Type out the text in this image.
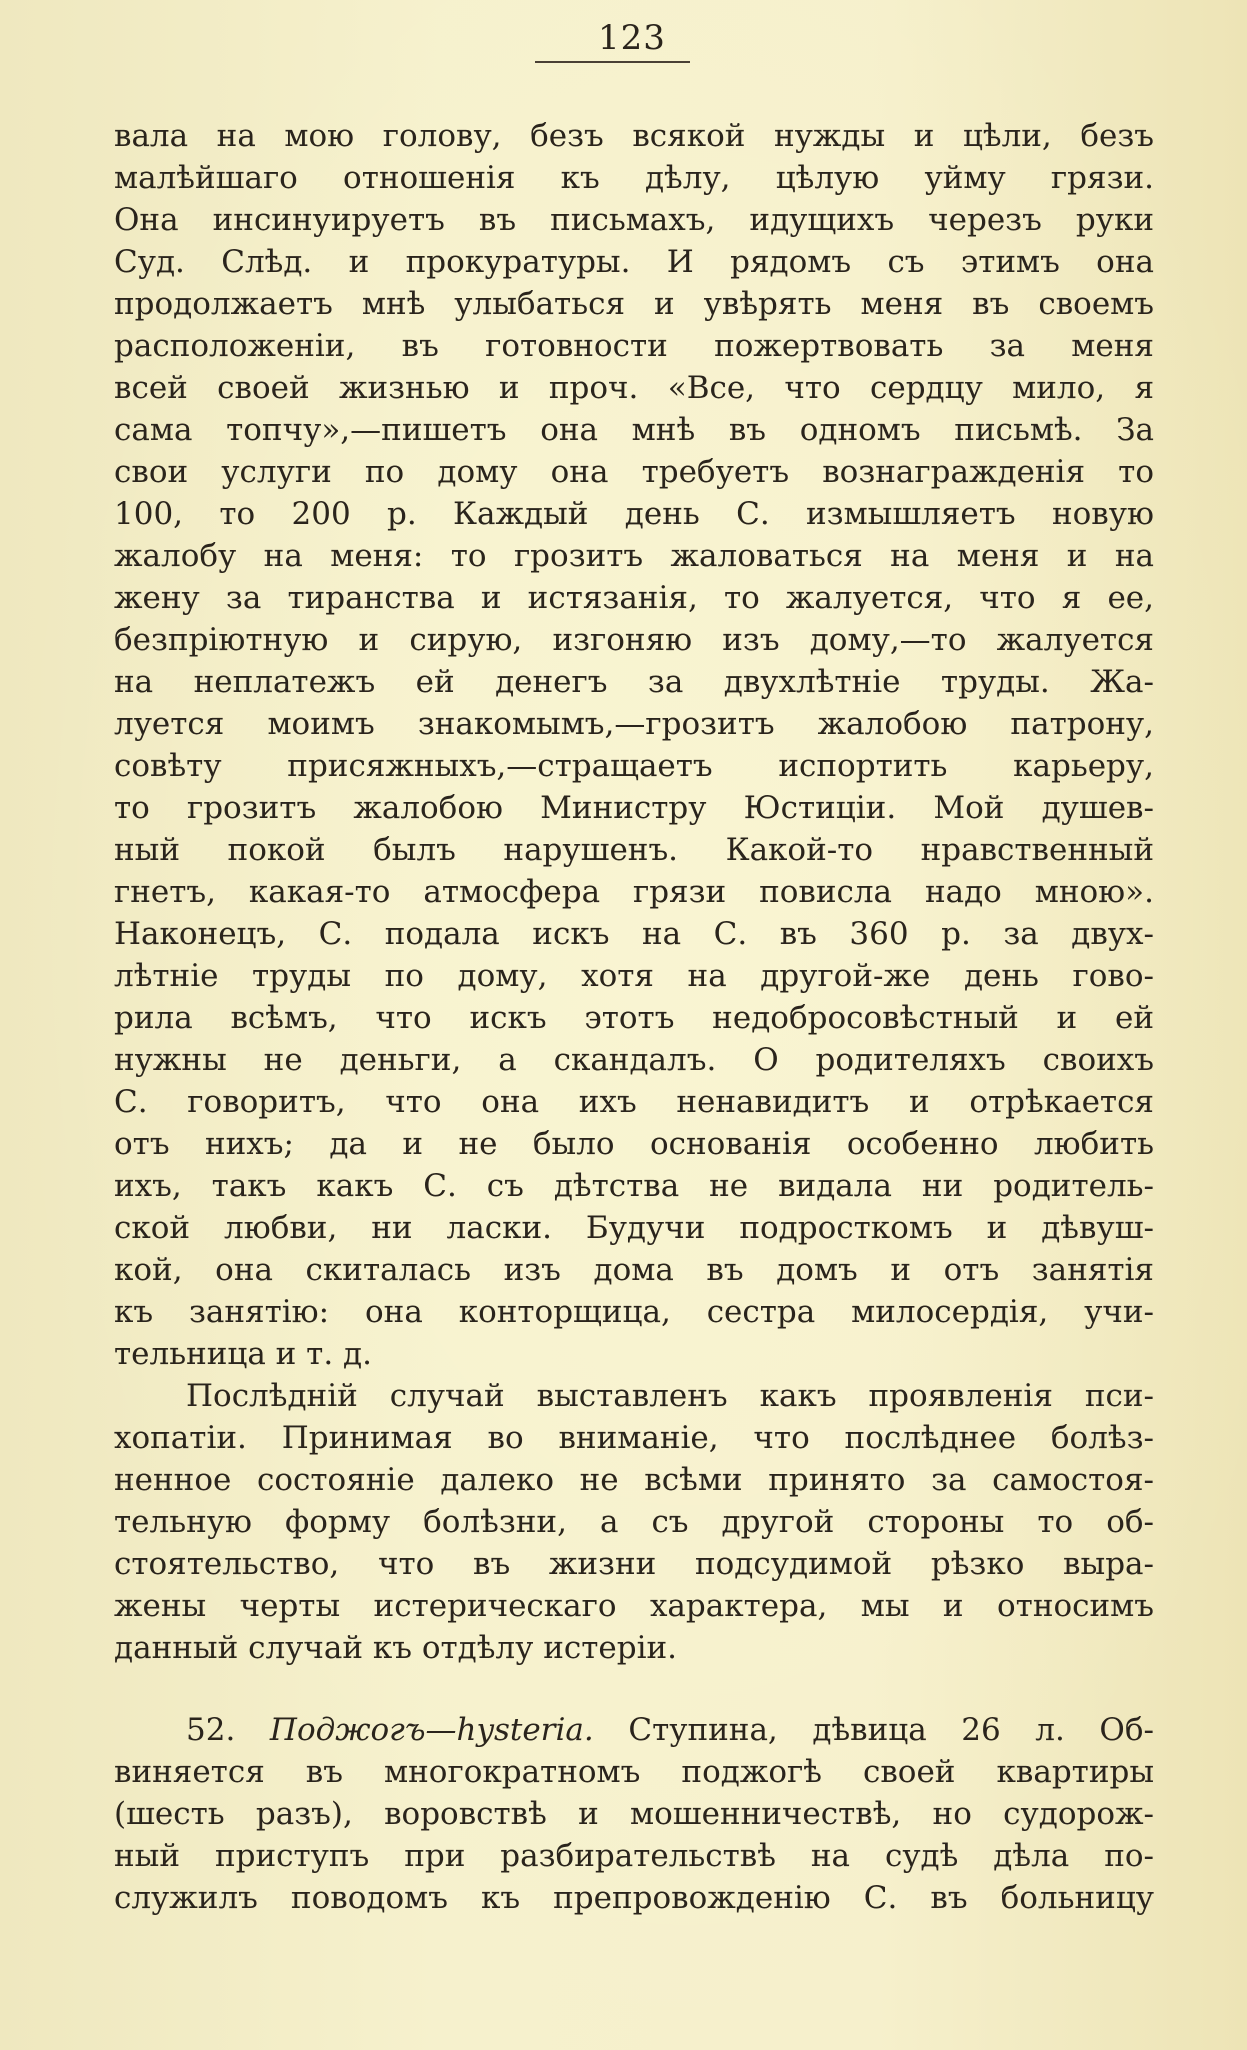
123
вала на мою голову, безъ всякой нужды и цѣли, безъ
малѣйшаго отношенія къ дѣлу, цѣлую уйму грязи.
Она инсинуируетъ въ письмахъ, идущихъ черезъ руки
Суд. Слѣд. и прокуратуры. И рядомъ съ этимъ она
продолжаетъ мнѣ улыбаться и увѣрять меня въ своемъ
расположеніи, въ готовности пожертвовать за меня
всей своей жизнью и проч. «Все, что сердцу мило, я
сама топчу»,—пишетъ она мнѣ въ одномъ письмѣ. За
свои услуги по дому она требуетъ вознагражденія то
100, то 200 р. Каждый день С. измышляетъ новую
жалобу на меня: то грозитъ жаловаться на меня и на
жену за тиранства и истязанія, то жалуется, что я ее,
безпріютную и сирую, изгоняю изъ дому,—то жалуется
на неплатежъ ей денегъ за двухлѣтніе труды. Жа-
луется моимъ знакомымъ,—грозитъ жалобою патрону,
совѣту присяжныхъ,—стращаетъ испортить карьеру,
то грозитъ жалобою Министру Юстиціи. Мой душев-
ный покой былъ нарушенъ. Какой-то нравственный
гнетъ, какая-то атмосфера грязи повисла надо мною».
Наконецъ, С. подала искъ на С. въ 360 р. за двух-
лѣтніе труды по дому, хотя на другой-же день гово-
рила всѣмъ, что искъ этотъ недобросовѣстный и ей
нужны не деньги, а скандалъ. О родителяхъ своихъ
С. говоритъ, что она ихъ ненавидитъ и отрѣкается
отъ нихъ; да и не было основанія особенно любить
ихъ, такъ какъ С. съ дѣтства не видала ни родитель-
ской любви, ни ласки. Будучи подросткомъ и дѣвуш-
кой, она скиталась изъ дома въ домъ и отъ занятія
къ занятію: она конторщица, сестра милосердія, учи-
тельница и т. д.
Послѣдній случай выставленъ какъ проявленія пси-
хопатіи. Принимая во вниманіе, что послѣднее болѣз-
ненное состояніе далеко не всѣми принято за самостоя-
тельную форму болѣзни, а съ другой стороны то об-
стоятельство, что въ жизни подсудимой рѣзко выра-
жены черты истерическаго характера, мы и относимъ
данный случай къ отдѣлу истеріи.
52. Поджогъ—hysteria. Ступина, дѣвица 26 л. Об-
виняется въ многократномъ поджогѣ своей квартиры
(шесть разъ), воровствѣ и мошенничествѣ, но судорож-
ный приступъ при разбирательствѣ на судѣ дѣла по-
служилъ поводомъ къ препровожденію С. въ больницу
